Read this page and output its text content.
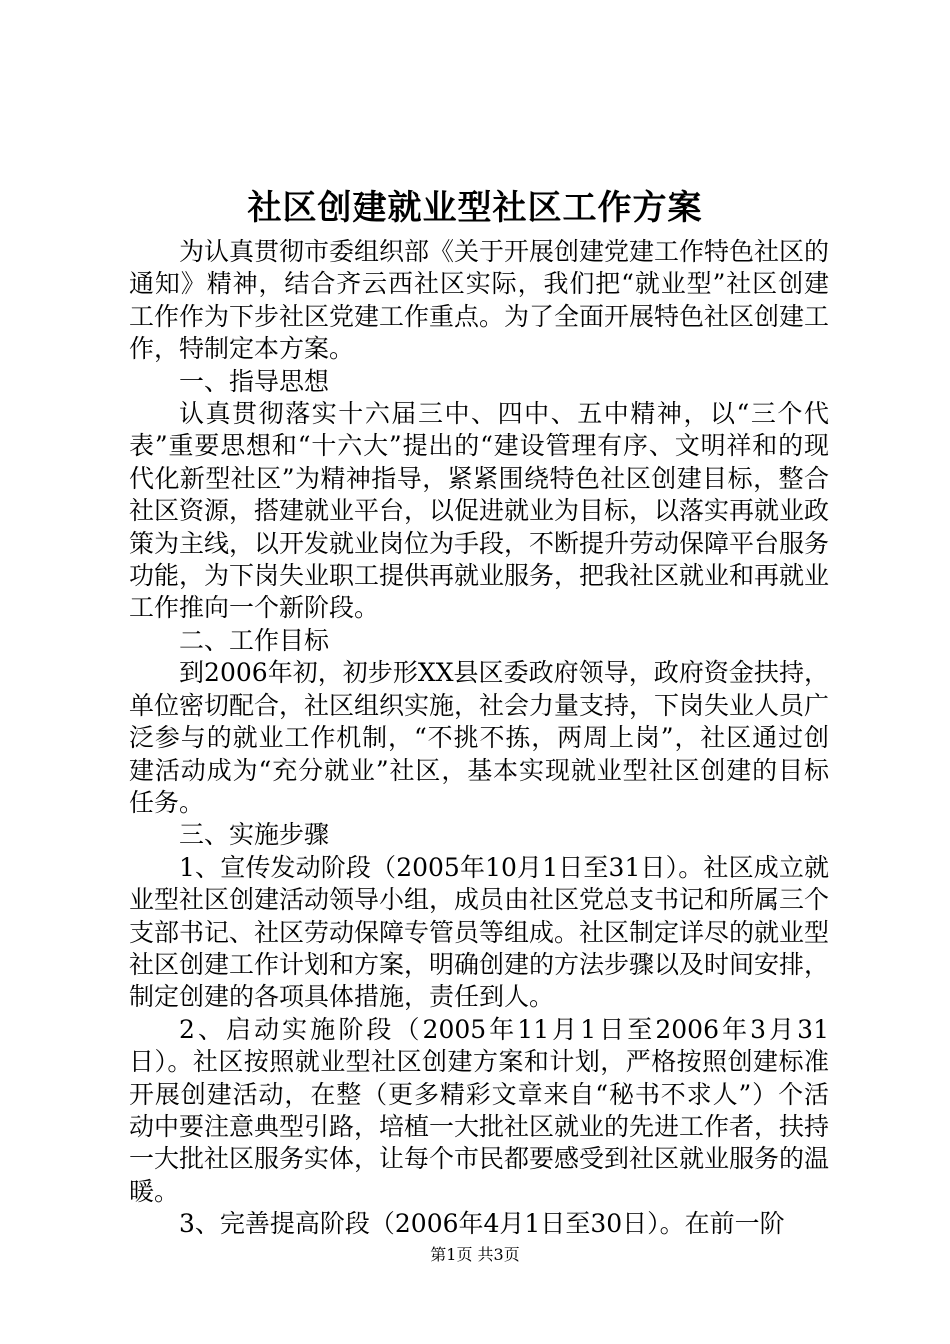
社区创建就业型社区工作方案

为认真贯彻市委组织部《关于开展创建党建工作特色社区的通知》精神，结合齐云西社区实际，我们把“就业型”社区创建工作作为下步社区党建工作重点。为了全面开展特色社区创建工作，特制定本方案。

一、指导思想

认真贯彻落实十六届三中、四中、五中精神，以“三个代表”重要思想和“十六大”提出的“建设管理有序、文明祥和的现代化新型社区”为精神指导，紧紧围绕特色社区创建目标，整合社区资源，搭建就业平台，以促进就业为目标，以落实再就业政策为主线，以开发就业岗位为手段，不断提升劳动保障平台服务功能，为下岗失业职工提供再就业服务，把我社区就业和再就业工作推向一个新阶段。

二、工作目标

到2006年初，初步形XX县区委政府领导，政府资金扶持，单位密切配合，社区组织实施，社会力量支持，下岗失业人员广泛参与的就业工作机制，“不挑不拣，两周上岗”，社区通过创建活动成为“充分就业”社区，基本实现就业型社区创建的目标任务。

三、实施步骤

1、宣传发动阶段（2005年10月1日至31日）。社区成立就业型社区创建活动领导小组，成员由社区党总支书记和所属三个支部书记、社区劳动保障专管员等组成。社区制定详尽的就业型社区创建工作计划和方案，明确创建的方法步骤以及时间安排，制定创建的各项具体措施，责任到人。

2、启动实施阶段（2005年11月1日至2006年3月31日）。社区按照就业型社区创建方案和计划，严格按照创建标准开展创建活动，在整（更多精彩文章来自“秘书不求人”）个活动中要注意典型引路，培植一大批社区就业的先进工作者，扶持一大批社区服务实体，让每个市民都要感受到社区就业服务的温暖。

3、完善提高阶段（2006年4月1日至30日）。在前一阶

第1页 共3页
